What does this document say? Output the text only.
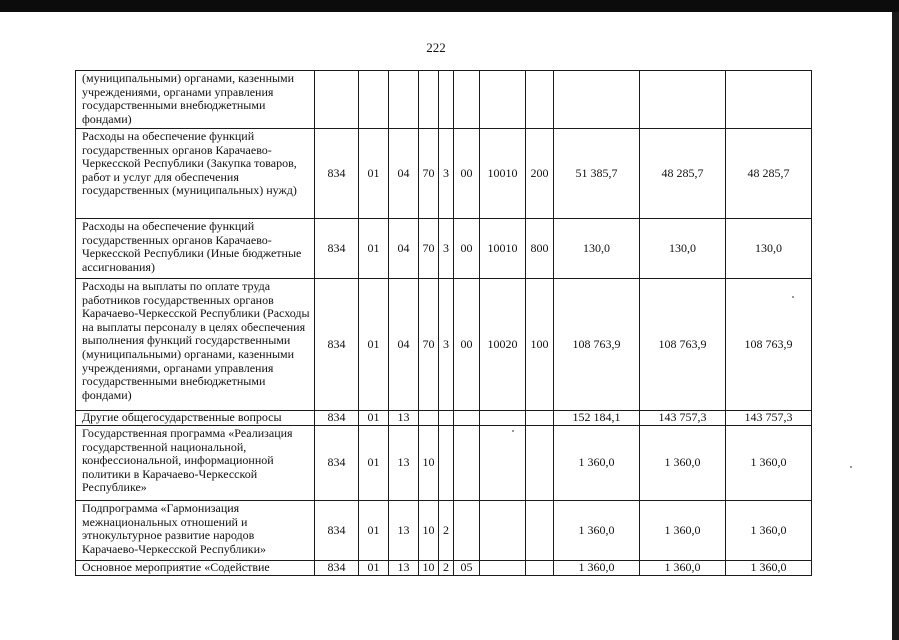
222
(муниципальными) органами, казенными учреждениями, органами управления государственными внебюджетными фондами)											
Расходы на обеспечение функций государственных органов Карачаево-Черкесской Республики (Закупка товаров, работ и услуг для обеспечения государственных (муниципальных) нужд)	834	01	04	70	3	00	10010	200	51 385,7	48 285,7	48 285,7
Расходы на обеспечение функций государственных органов Карачаево-Черкесской Республики (Иные бюджетные ассигнования)	834	01	04	70	3	00	10010	800	130,0	130,0	130,0
Расходы на выплаты по оплате труда работников государственных органов Карачаево-Черкесской Республики (Расходы на выплаты персоналу в целях обеспечения выполнения функций государственными (муниципальными) органами, казенными учреждениями, органами управления государственными внебюджетными фондами)	834	01	04	70	3	00	10020	100	108 763,9	108 763,9	108 763,9
Другие общегосударственные вопросы	834	01	13						152 184,1	143 757,3	143 757,3
Государственная программа «Реализация государственной национальной, конфессиональной, информационной политики в Карачаево-Черкесской Республике»	834	01	13	10					1 360,0	1 360,0	1 360,0
Подпрограмма «Гармонизация межнациональных отношений и этнокультурное развитие народов Карачаево-Черкесской Республики»	834	01	13	10	2				1 360,0	1 360,0	1 360,0
Основное мероприятие «Содействие	834	01	13	10	2	05			1 360,0	1 360,0	1 360,0
